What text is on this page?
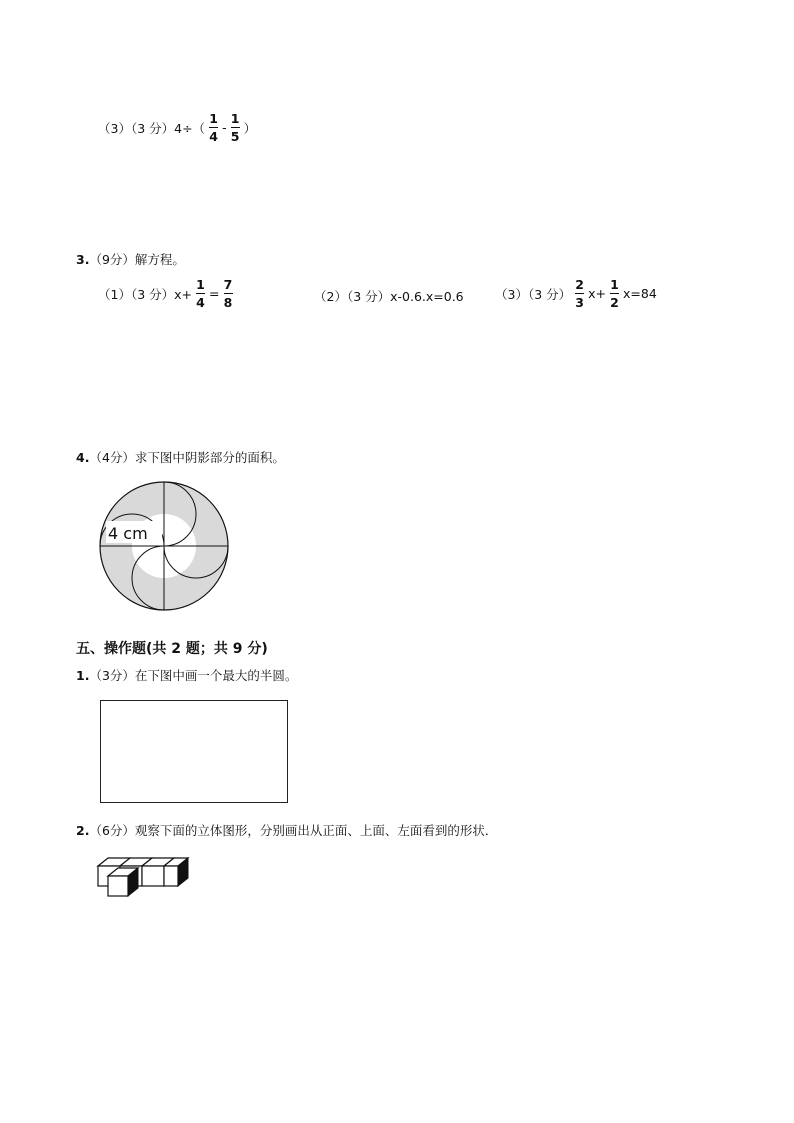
（3）（3 分）$4\div( \frac{1}{4} - \frac{1}{5}$ ）
3. （9分）解方程。
（1）（3 分）$x+ \frac{1}{4} = \frac{7}{8}$	（2）（3 分）x-0.6.x=0.6	（3）（3 分） $\frac{2}{3} x+ \frac{1}{2} x=84$
4. （4分）求下图中阴影部分的面积。
4 cm
五、操作题(共 2 题；共 9 分)
1. （3分）在下图中画一个最大的半圆。
2. （6分）观察下面的立体图形，分别画出从正面、上面、左面看到的形状．
